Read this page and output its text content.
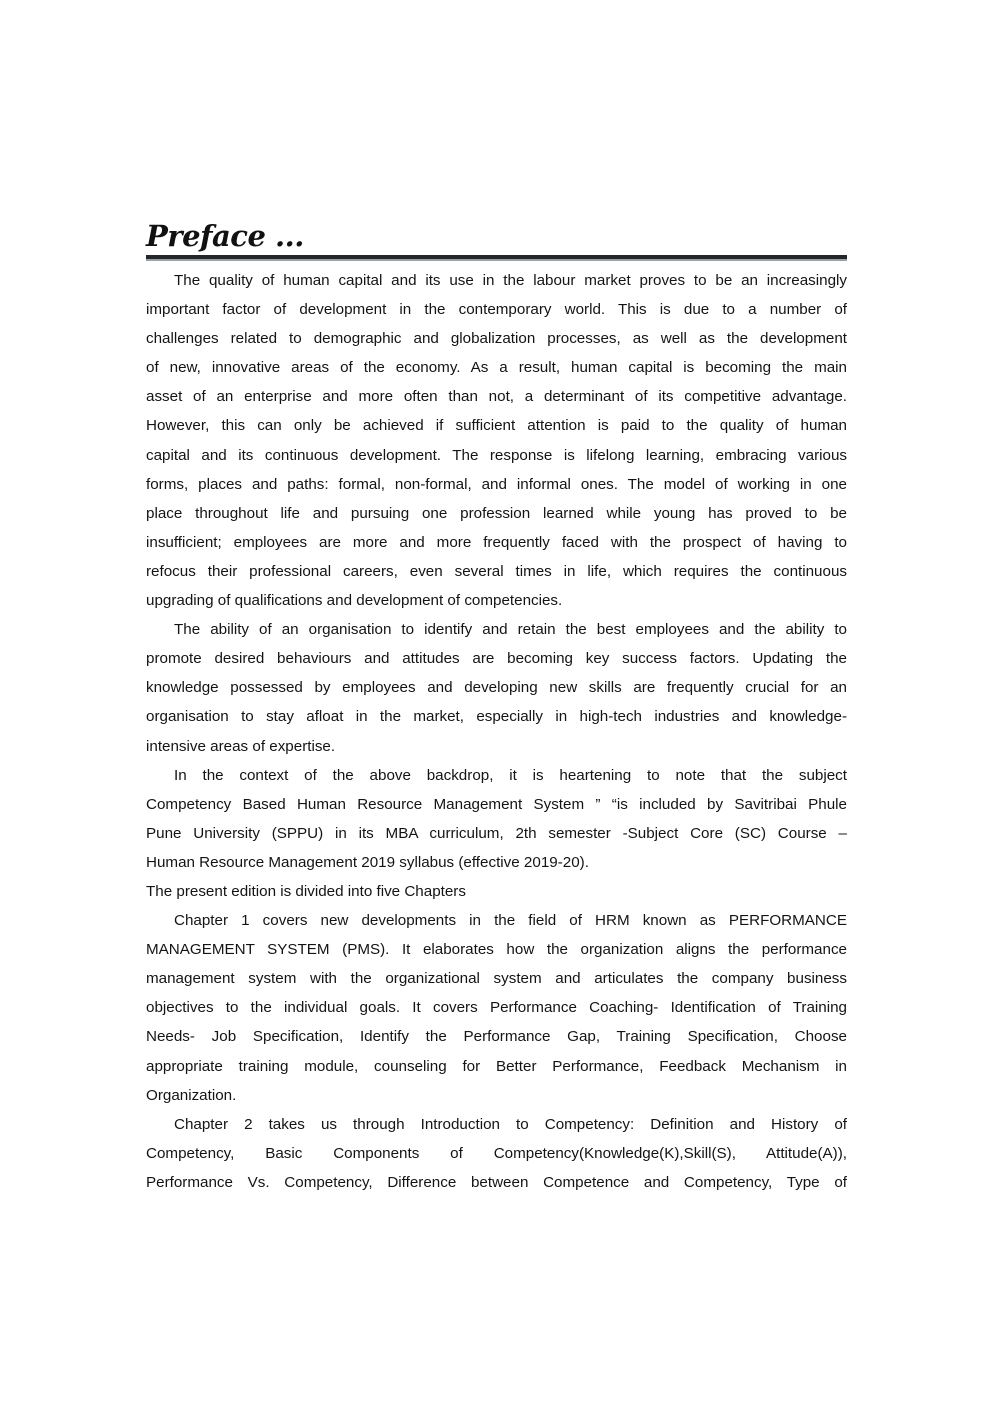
Preface ...
The quality of human capital and its use in the labour market proves to be an increasingly
important factor of development in the contemporary world. This is due to a number of
challenges related to demographic and globalization processes, as well as the development
of new, innovative areas of the economy. As a result, human capital is becoming the main
asset of an enterprise and more often than not, a determinant of its competitive advantage.
However, this can only be achieved if sufficient attention is paid to the quality of human
capital and its continuous development. The response is lifelong learning, embracing various
forms, places and paths: formal, non-formal, and informal ones. The model of working in one
place throughout life and pursuing one profession learned while young has proved to be
insufficient; employees are more and more frequently faced with the prospect of having to
refocus their professional careers, even several times in life, which requires the continuous
upgrading of qualifications and development of competencies.
The ability of an organisation to identify and retain the best employees and the ability to
promote desired behaviours and attitudes are becoming key success factors. Updating the
knowledge possessed by employees and developing new skills are frequently crucial for an
organisation to stay afloat in the market, especially in high-tech industries and knowledge-
intensive areas of expertise.
In the context of the above backdrop, it is heartening to note that the subject
Competency Based Human Resource Management System ” “is included by Savitribai Phule
Pune University (SPPU) in its MBA curriculum, 2th semester -Subject Core (SC) Course –
Human Resource Management 2019 syllabus (effective 2019-20).
The present edition is divided into five Chapters
Chapter 1 covers new developments in the field of HRM known as PERFORMANCE
MANAGEMENT SYSTEM (PMS). It elaborates how the organization aligns the performance
management system with the organizational system and articulates the company business
objectives to the individual goals. It covers Performance Coaching- Identification of Training
Needs- Job Specification, Identify the Performance Gap, Training Specification, Choose
appropriate training module, counseling for Better Performance, Feedback Mechanism in
Organization.
Chapter 2 takes us through Introduction to Competency: Definition and History of
Competency, Basic Components of Competency(Knowledge(K),Skill(S), Attitude(A)),
Performance Vs. Competency, Difference between Competence and Competency, Type of
